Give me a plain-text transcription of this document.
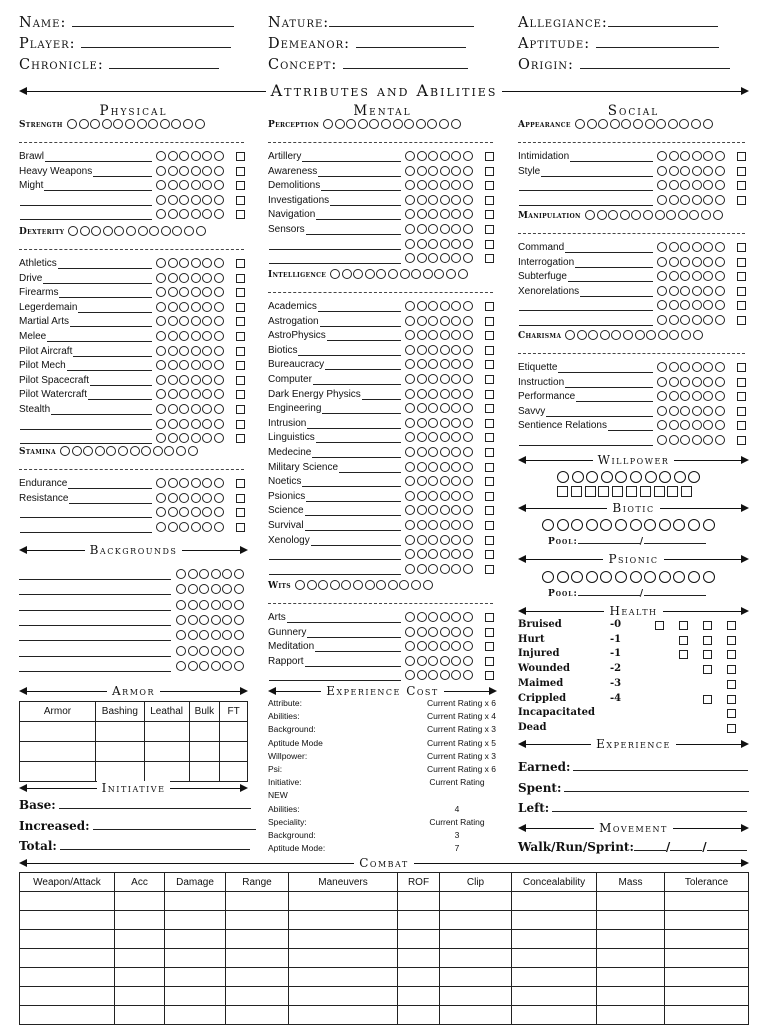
Name:
Player:
Chronicle:
Nature:
Demeanor:
Concept:
Allegiance:
Aptitude:
Origin:
Attributes and Abilities
Physical	Mental	Social
Strength
Brawl
Heavy Weapons
Might
Dexterity
Athletics
Drive
Firearms
Legerdemain
Martial Arts
Melee
Pilot Aircraft
Pilot Mech
Pilot Spacecraft
Pilot Watercraft
Stealth
Stamina
Endurance
Resistance
Perception
Artillery
Awareness
Demolitions
Investigations
Navigation
Sensors
Intelligence
Academics
Astrogation
AstroPhysics
Biotics
Bureaucracy
Computer
Dark Energy Physics
Engineering
Intrusion
Linguistics
Medecine
Military Science
Noetics
Psionics
Science
Survival
Xenology
Wits
Arts
Gunnery
Meditation
Rapport
Appearance
Intimidation
Style
Manipulation
Command
Interrogation
Subterfuge
Xenorelations
Charisma
Etiquette
Instruction
Performance
Savvy
Sentience Relations
Backgrounds
Armor
Armor	Bashing	Leathal	Bulk	FT

Initiative
Base:
Increased:
Total:
Experience Cost
Attribute:	Current Rating x 6
Abilities:	Current Rating x 4
Background:	Current Rating x 3
Aptitude Mode	Current Rating x 5
Willpower:	Current Rating x 3
Psi:	Current Rating x 6
Initiative:	Current Rating
NEW
Abilities:	4
Speciality:	Current Rating
Background:	3
Aptitude Mode:	7
Willpower
Biotic
Pool:	/
Psionic
Pool:	/
Health
Bruised	-0
Hurt	-1
Injured	-1
Wounded	-2
Maimed	-3
Crippled	-4
Incapacitated
Dead
Experience
Earned:
Spent:
Left:
Movement
Walk/Run/Sprint:	/	/
Combat
Weapon/Attack	Acc	Damage	Range	Maneuvers	ROF	Clip	Concealability	Mass	Tolerance
